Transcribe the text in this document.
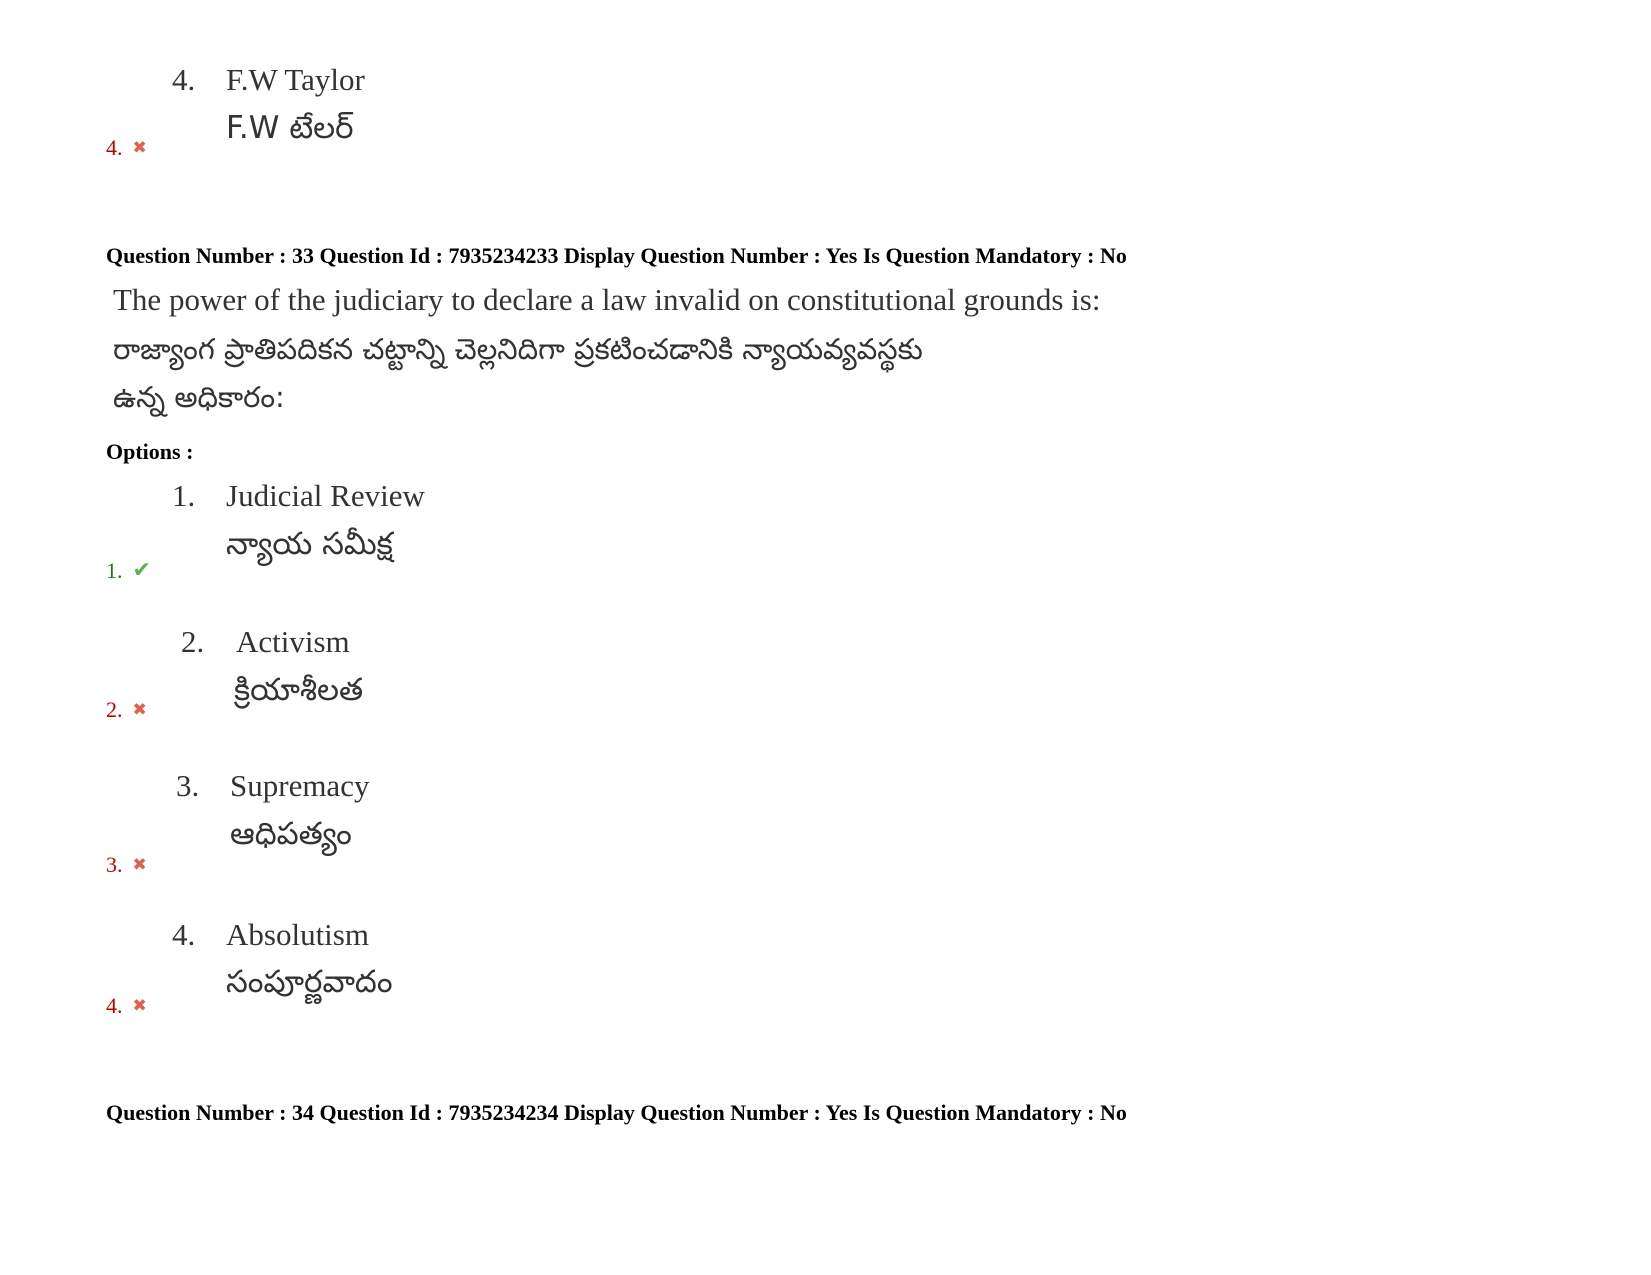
4. F.W Taylor
F.W టేలర్
4. ✖
Question Number : 33 Question Id : 7935234233 Display Question Number : Yes Is Question Mandatory : No
The power of the judiciary to declare a law invalid on constitutional grounds is:
రాజ్యాంగ ప్రాతిపదికన చట్టాన్ని చెల్లనిదిగా ప్రకటించడానికి న్యాయవ్యవస్థకు
ఉన్న అధికారం:
Options :
1. Judicial Review
న్యాయ సమీక్ష
1. ✔
2. Activism
క్రియాశీలత
2. ✖
3. Supremacy
ఆధిపత్యం
3. ✖
4. Absolutism
సంపూర్ణవాదం
4. ✖
Question Number : 34 Question Id : 7935234234 Display Question Number : Yes Is Question Mandatory : No
